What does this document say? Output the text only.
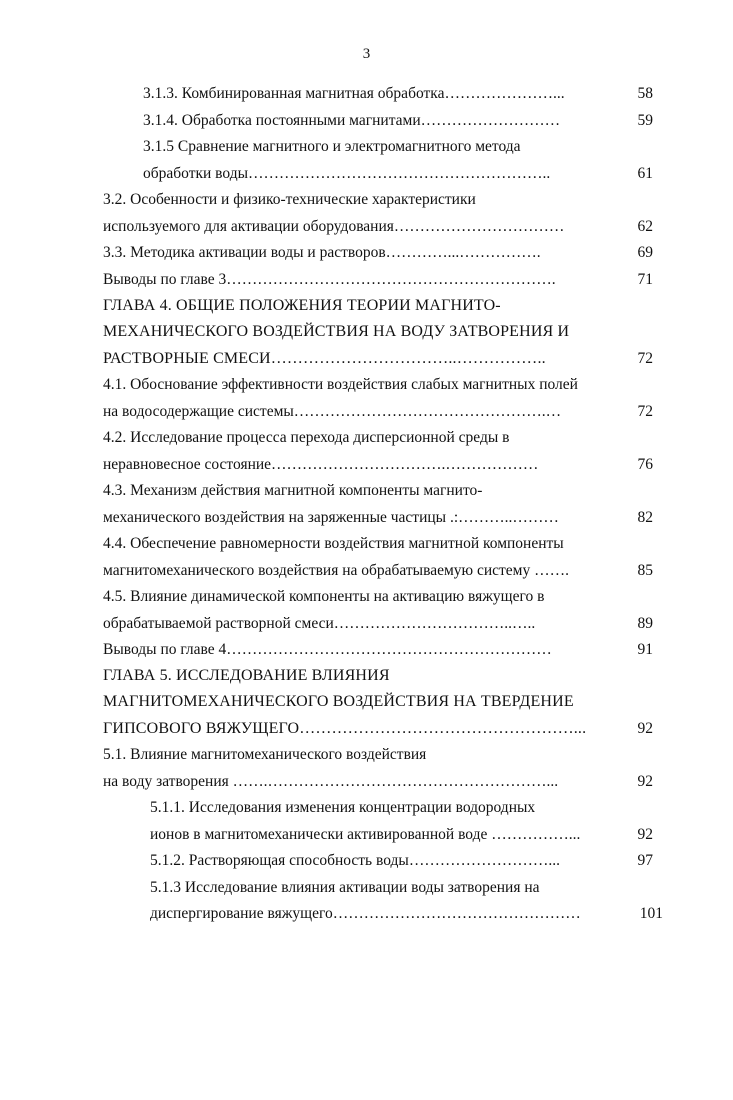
3
3.1.3. Комбинированная магнитная обработка…………………...	58
3.1.4. Обработка постоянными магнитами………………………	59
3.1.5 Сравнение магнитного и электромагнитного метода
обработки воды…………………………………………………..	61
3.2. Особенности и физико-технические характеристики
используемого для активации оборудования……………………………	62
3.3. Методика активации воды и растворов…………...…………….	69
Выводы по главе 3……………………………………………………….	71
ГЛАВА 4. ОБЩИЕ ПОЛОЖЕНИЯ ТЕОРИИ МАГНИТО-
МЕХАНИЧЕСКОГО ВОЗДЕЙСТВИЯ НА ВОДУ ЗАТВОРЕНИЯ И
РАСТВОРНЫЕ СМЕСИ……………………………..……………..	72
4.1. Обоснование эффективности воздействия слабых магнитных полей
на водосодержащие системы………………………………………….…	72
4.2. Исследование процесса перехода дисперсионной среды в
неравновесное состояние…………………………….………………	76
4.3. Механизм действия магнитной компоненты магнито-
механического воздействия на заряженные частицы .:………..………	82
4.4. Обеспечение равномерности воздействия магнитной компоненты
магнитомеханического воздействия на обрабатываемую систему …….	85
4.5. Влияние динамической компоненты на активацию вяжущего в
обрабатываемой растворной смеси……………………………..…..	89
Выводы по главе 4………………………………………………………	91
ГЛАВА 5. ИССЛЕДОВАНИЕ ВЛИЯНИЯ
МАГНИТОМЕХАНИЧЕСКОГО ВОЗДЕЙСТВИЯ НА ТВЕРДЕНИЕ
ГИПСОВОГО ВЯЖУЩЕГО……………………………………………...	92
5.1. Влияние магнитомеханического воздействия
на воду затворения …….………………………………………………...	92
5.1.1. Исследования изменения концентрации водородных
ионов в магнитомеханически активированной воде ……………...	92
5.1.2. Растворяющая способность воды………………………...	97
5.1.3 Исследование влияния активации воды затворения на
диспергирование вяжущего…………………………………………	101
